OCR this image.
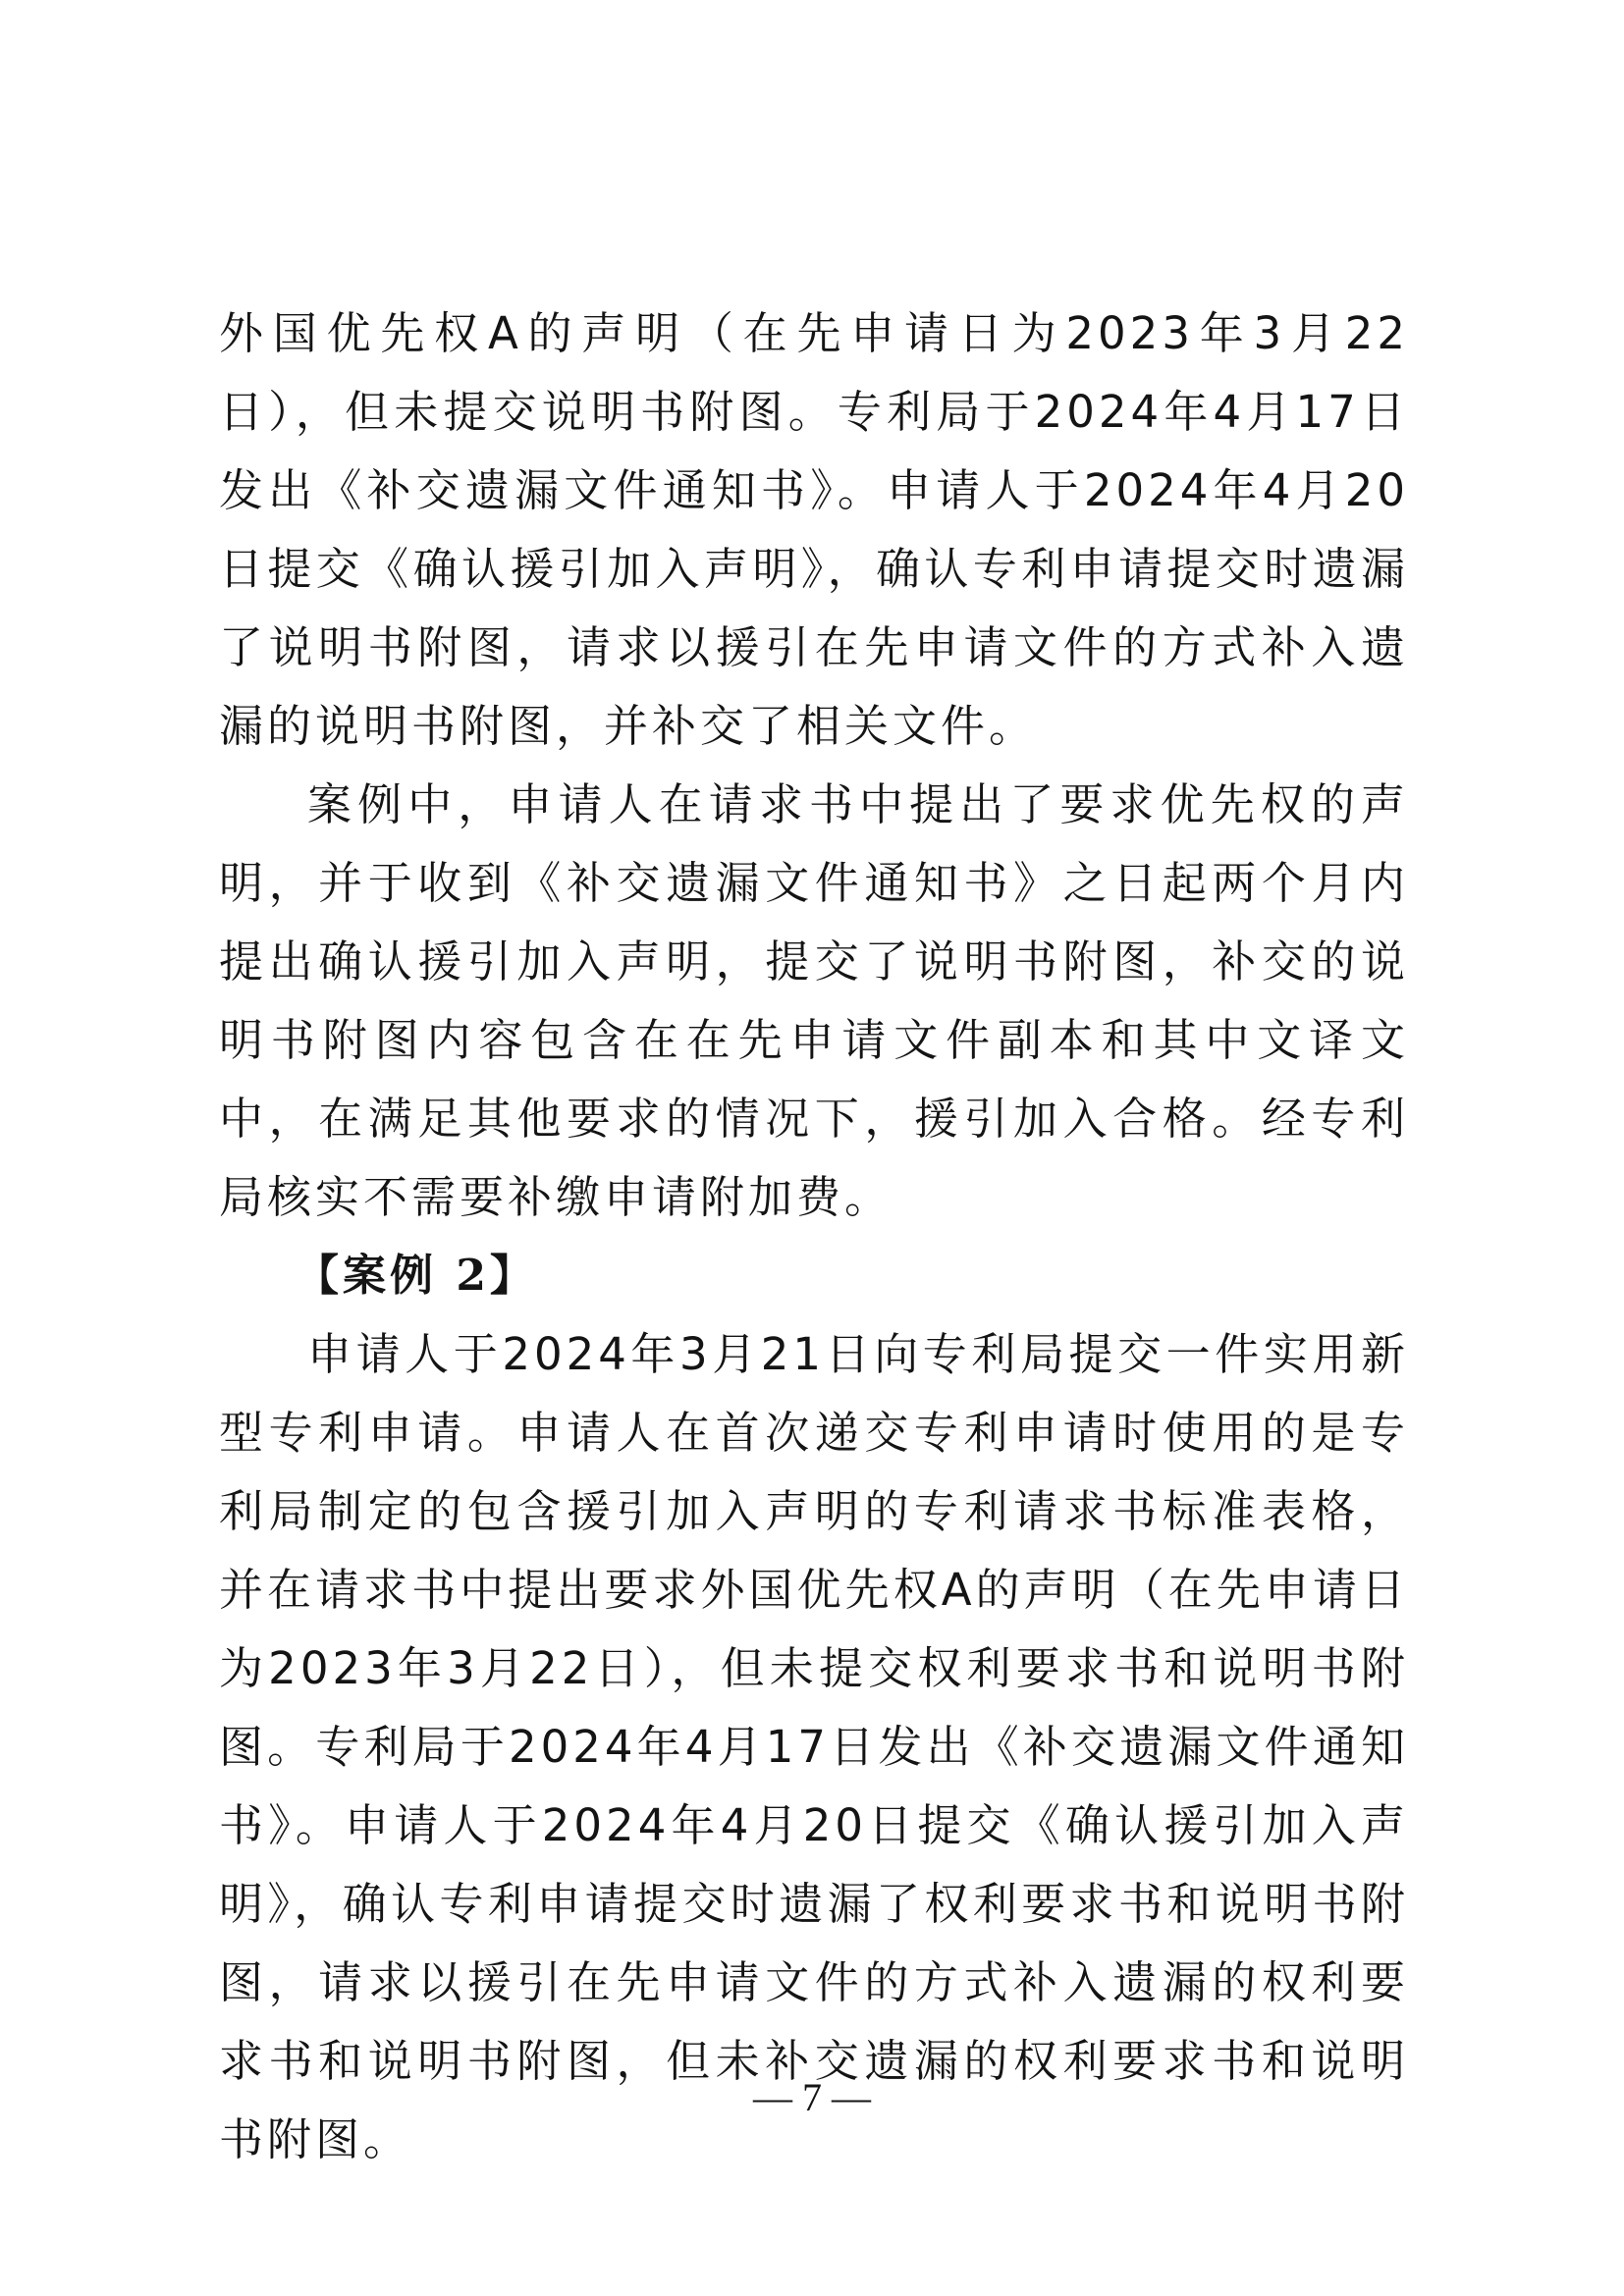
外国优先权A的声明（在先申请日为2023年3月22日），但未提交说明书附图。专利局于2024年4月17日发出《补交遗漏文件通知书》。申请人于2024年4月20日提交《确认援引加入声明》，确认专利申请提交时遗漏了说明书附图，请求以援引在先申请文件的方式补入遗漏的说明书附图，并补交了相关文件。

案例中，申请人在请求书中提出了要求优先权的声明，并于收到《补交遗漏文件通知书》之日起两个月内提出确认援引加入声明，提交了说明书附图，补交的说明书附图内容包含在在先申请文件副本和其中文译文中，在满足其他要求的情况下，援引加入合格。经专利局核实不需要补缴申请附加费。

【案例 2】

申请人于2024年3月21日向专利局提交一件实用新型专利申请。申请人在首次递交专利申请时使用的是专利局制定的包含援引加入声明的专利请求书标准表格，并在请求书中提出要求外国优先权A的声明（在先申请日为2023年3月22日），但未提交权利要求书和说明书附图。专利局于2024年4月17日发出《补交遗漏文件通知书》。申请人于2024年4月20日提交《确认援引加入声明》，确认专利申请提交时遗漏了权利要求书和说明书附图，请求以援引在先申请文件的方式补入遗漏的权利要求书和说明书附图，但未补交遗漏的权利要求书和说明书附图。

— 7 —
